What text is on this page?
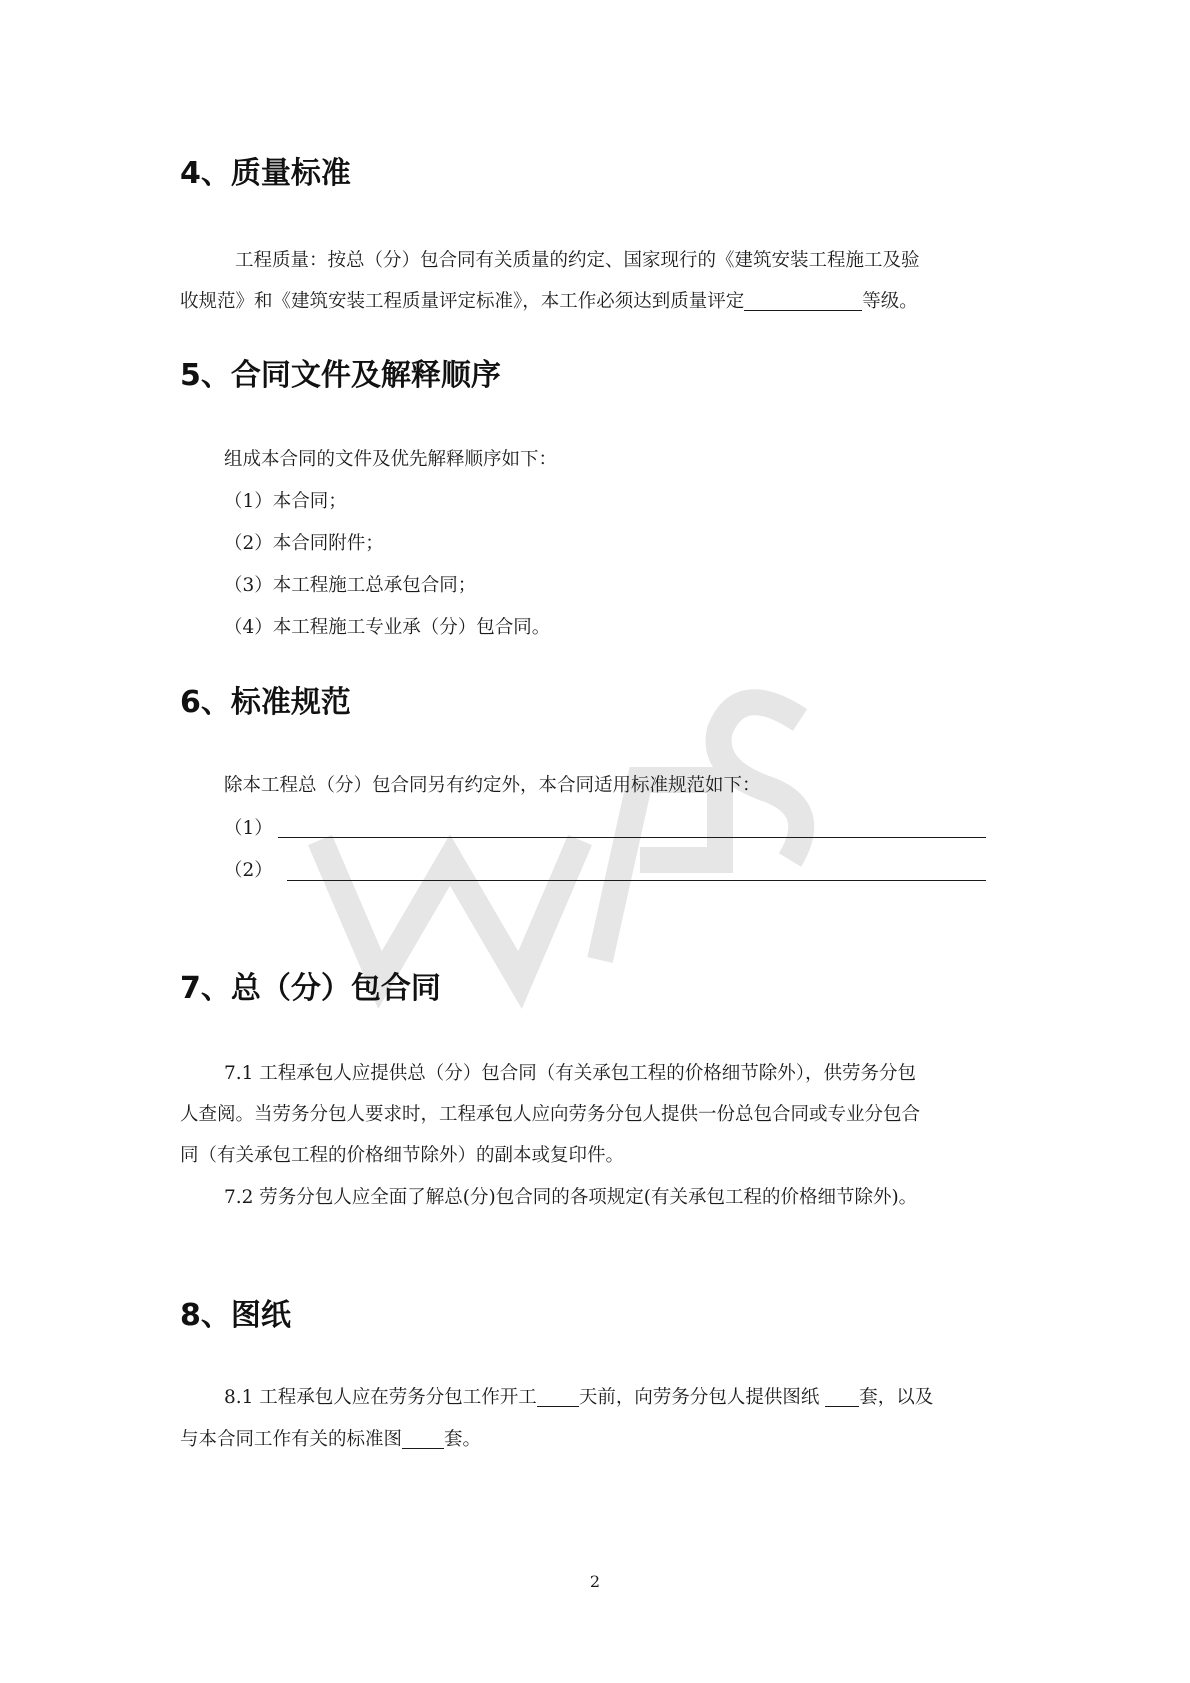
4、质量标准

工程质量：按总（分）包合同有关质量的约定、国家现行的《建筑安装工程施工及验

收规范》和《建筑安装工程质量评定标准》，本工作必须达到质量评定	等级。

5、合同文件及解释顺序

组成本合同的文件及优先解释顺序如下：

（1）本合同；

（2）本合同附件；

（3）本工程施工总承包合同；

（4）本工程施工专业承（分）包合同。

6、标准规范

除本工程总（分）包合同另有约定外，本合同适用标准规范如下：

（1）

（2）

7、总（分）包合同

7.1 工程承包人应提供总（分）包合同（有关承包工程的价格细节除外），供劳务分包

人查阅。当劳务分包人要求时，工程承包人应向劳务分包人提供一份总包合同或专业分包合

同（有关承包工程的价格细节除外）的副本或复印件。

7.2 劳务分包人应全面了解总(分)包合同的各项规定(有关承包工程的价格细节除外)。

8、图纸

8.1 工程承包人应在劳务分包工作开工 天前，向劳务分包人提供图纸 套，以及

与本合同工作有关的标准图 套。

2
